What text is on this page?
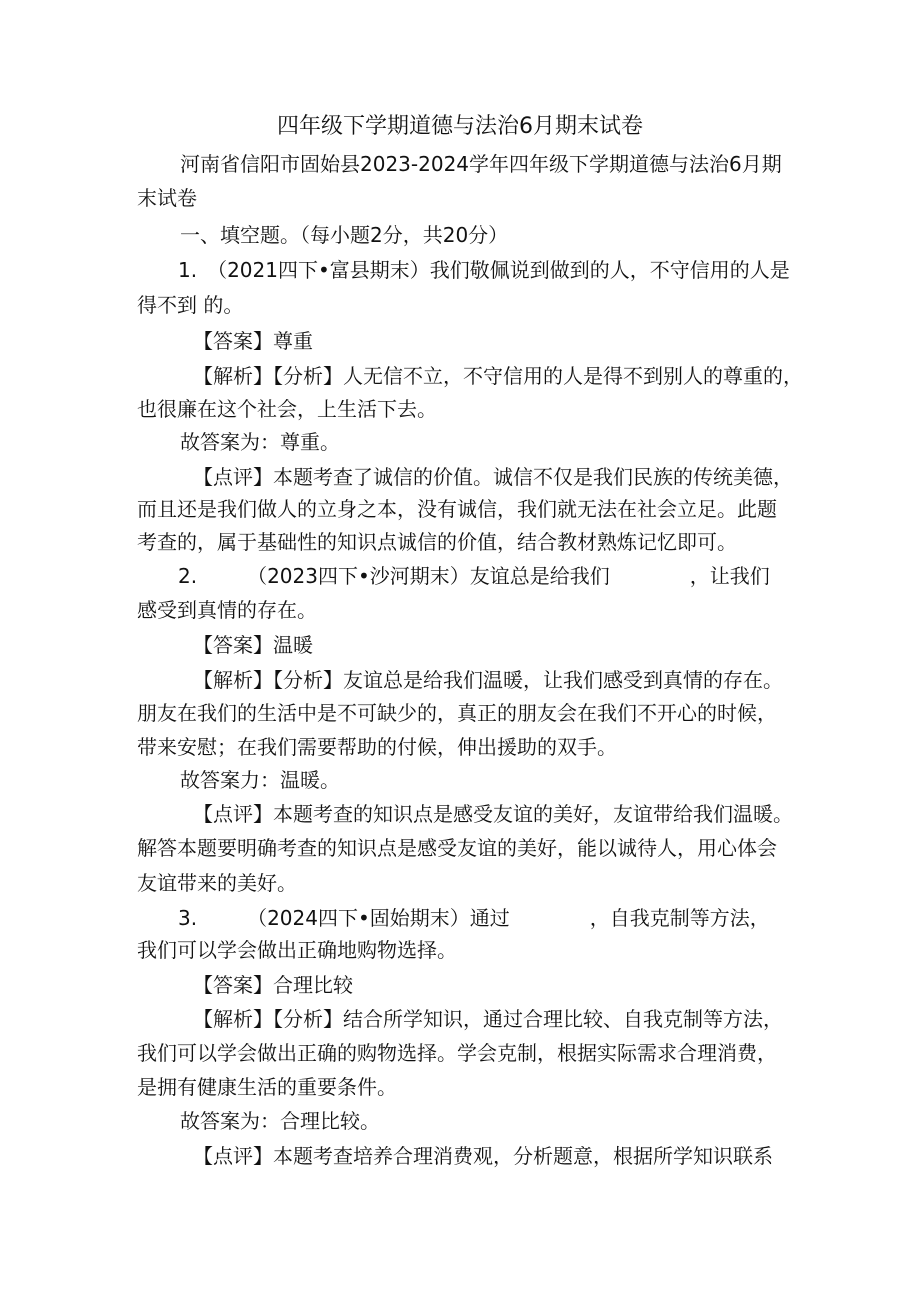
四年级下学期道德与法治6月期末试卷
河南省信阳市固始县2023-2024学年四年级下学期道德与法治6月期
末试卷
一、填空题。（每小题2分，共20分）
1.　（2021四下•富县期末）我们敬佩说到做到的人，不守信用的人是
得不到 的。
【答案】尊重
【解析】【分析】人无信不立，不守信用的人是得不到别人的尊重的，
也很廉在这个社会，上生活下去。
故答案为：尊重。
【点评】本题考查了诚信的价值。诚信不仅是我们民族的传统美德，
而且还是我们做人的立身之本，没有诚信，我们就无法在社会立足。此题
考查的，属于基础性的知识点诚信的价值，结合教材熟炼记忆即可。
2.　　　（2023四下•沙河期末）友谊总是给我们　　　　，让我们
感受到真情的存在。
【答案】温暖
【解析】【分析】友谊总是给我们温暖，让我们感受到真情的存在。
朋友在我们的生活中是不可缺少的，真正的朋友会在我们不开心的时候，
带来安慰；在我们需要帮助的付候，伸出援助的双手。
故答案力：温暖。
【点评】本题考查的知识点是感受友谊的美好，友谊带给我们温暖。
解答本题要明确考查的知识点是感受友谊的美好，能以诚待人，用心体会
友谊带来的美好。
3.　　　（2024四下•固始期末）通过　　　　，自我克制等方法，
我们可以学会做出正确地购物选择。
【答案】合理比较
【解析】【分析】结合所学知识，通过合理比较、自我克制等方法，
我们可以学会做出正确的购物选择。学会克制，根据实际需求合理消费，
是拥有健康生活的重要条件。
故答案为：合理比较。
【点评】本题考查培养合理消费观，分析题意，根据所学知识联系
